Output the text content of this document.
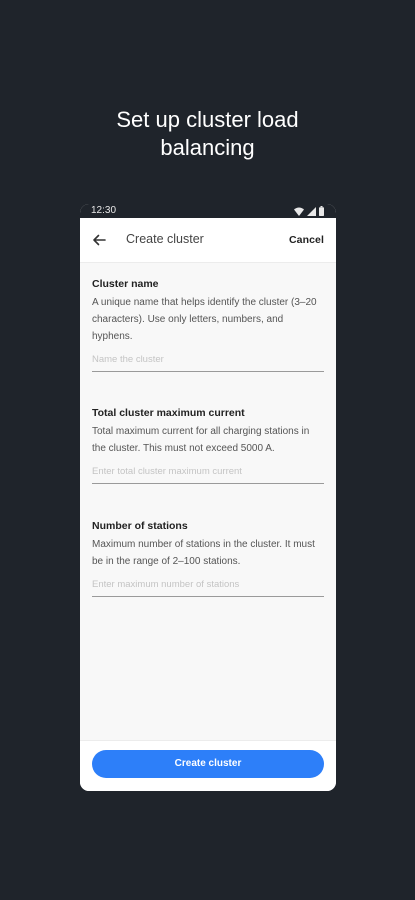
Set up cluster load
balancing
12:30
Create cluster	Cancel
Cluster name
A unique name that helps identify the cluster (3–20 characters). Use only letters, numbers, and hyphens.
Name the cluster
Total cluster maximum current
Total maximum current for all charging stations in the cluster. This must not exceed 5000 A.
Enter total cluster maximum current
Number of stations
Maximum number of stations in the cluster. It must be in the range of 2–100 stations.
Enter maximum number of stations
Create cluster
